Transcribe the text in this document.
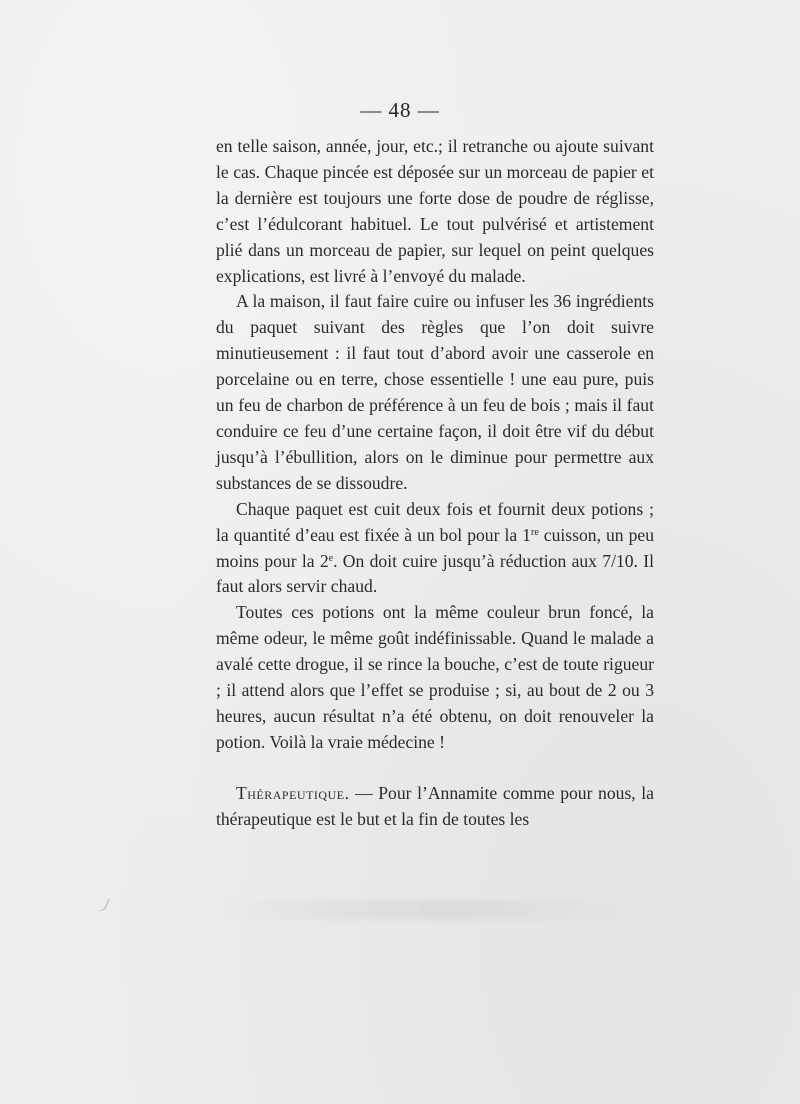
— 48 —

en telle saison, année, jour, etc.; il retranche ou ajoute suivant le cas. Chaque pincée est déposée sur un morceau de papier et la dernière est toujours une forte dose de poudre de réglisse, c’est l’édulcorant habituel. Le tout pulvérisé et artistement plié dans un morceau de papier, sur lequel on peint quelques explications, est livré à l’envoyé du malade.

A la maison, il faut faire cuire ou infuser les 36 ingrédients du paquet suivant des règles que l’on doit suivre minutieusement : il faut tout d’abord avoir une casserole en porcelaine ou en terre, chose essentielle ! une eau pure, puis un feu de charbon de préférence à un feu de bois ; mais il faut conduire ce feu d’une certaine façon, il doit être vif du début jusqu’à l’ébullition, alors on le diminue pour permettre aux substances de se dissoudre.

Chaque paquet est cuit deux fois et fournit deux potions ; la quantité d’eau est fixée à un bol pour la 1re cuisson, un peu moins pour la 2e. On doit cuire jusqu’à réduction aux 7/10. Il faut alors servir chaud.

Toutes ces potions ont la même couleur brun foncé, la même odeur, le même goût indéfinissable. Quand le malade a avalé cette drogue, il se rince la bouche, c’est de toute rigueur ; il attend alors que l’effet se produise ; si, au bout de 2 ou 3 heures, aucun résultat n’a été obtenu, on doit renouveler la potion. Voilà la vraie médecine !

Thérapeutique. — Pour l’Annamite comme pour nous, la thérapeutique est le but et la fin de toutes les
